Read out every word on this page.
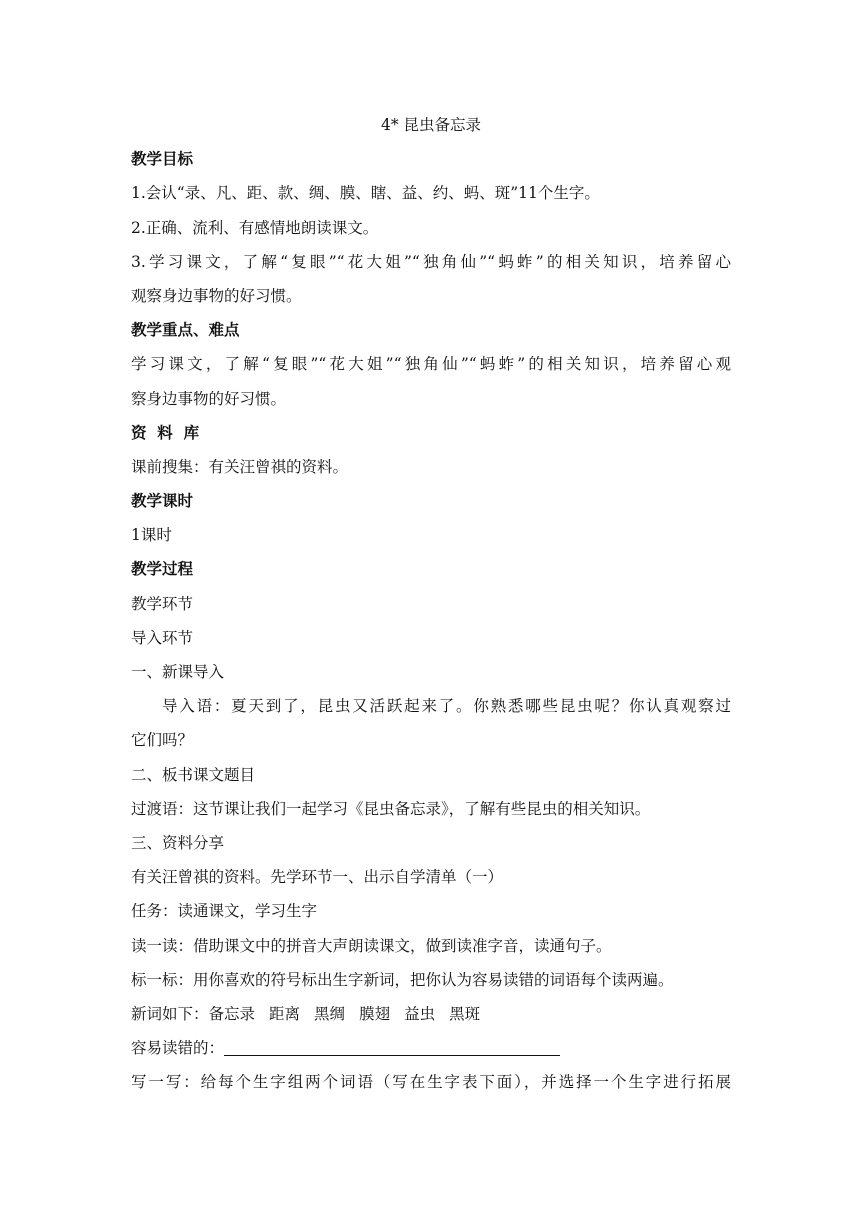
4* 昆虫备忘录
教学目标
1.会认“录、凡、距、款、绸、膜、瞎、益、约、蚂、斑”11个生字。
2.正确、流利、有感情地朗读课文。
3.学习课文，了解“复眼”“花大姐”“独角仙”“蚂蚱”的相关知识，培养留心
观察身边事物的好习惯。
教学重点、难点
学习课文，了解“复眼”“花大姐”“独角仙”“蚂蚱”的相关知识，培养留心观
察身边事物的好习惯。
资  料  库
课前搜集：有关汪曾祺的资料。
教学课时
1课时
教学过程
教学环节
导入环节
一、新课导入
导入语：夏天到了，昆虫又活跃起来了。你熟悉哪些昆虫呢？你认真观察过
它们吗？
二、板书课文题目
过渡语：这节课让我们一起学习《昆虫备忘录》，了解有些昆虫的相关知识。
三、资料分享
有关汪曾祺的资料。先学环节一、出示自学清单（一）
任务：读通课文，学习生字
读一读：借助课文中的拼音大声朗读课文，做到读准字音，读通句子。
标一标：用你喜欢的符号标出生字新词，把你认为容易读错的词语每个读两遍。
新词如下：备忘录 距离 黑绸 膜翅 益虫 黑斑
容易读错的：
写一写：给每个生字组两个词语（写在生字表下面），并选择一个生字进行拓展
